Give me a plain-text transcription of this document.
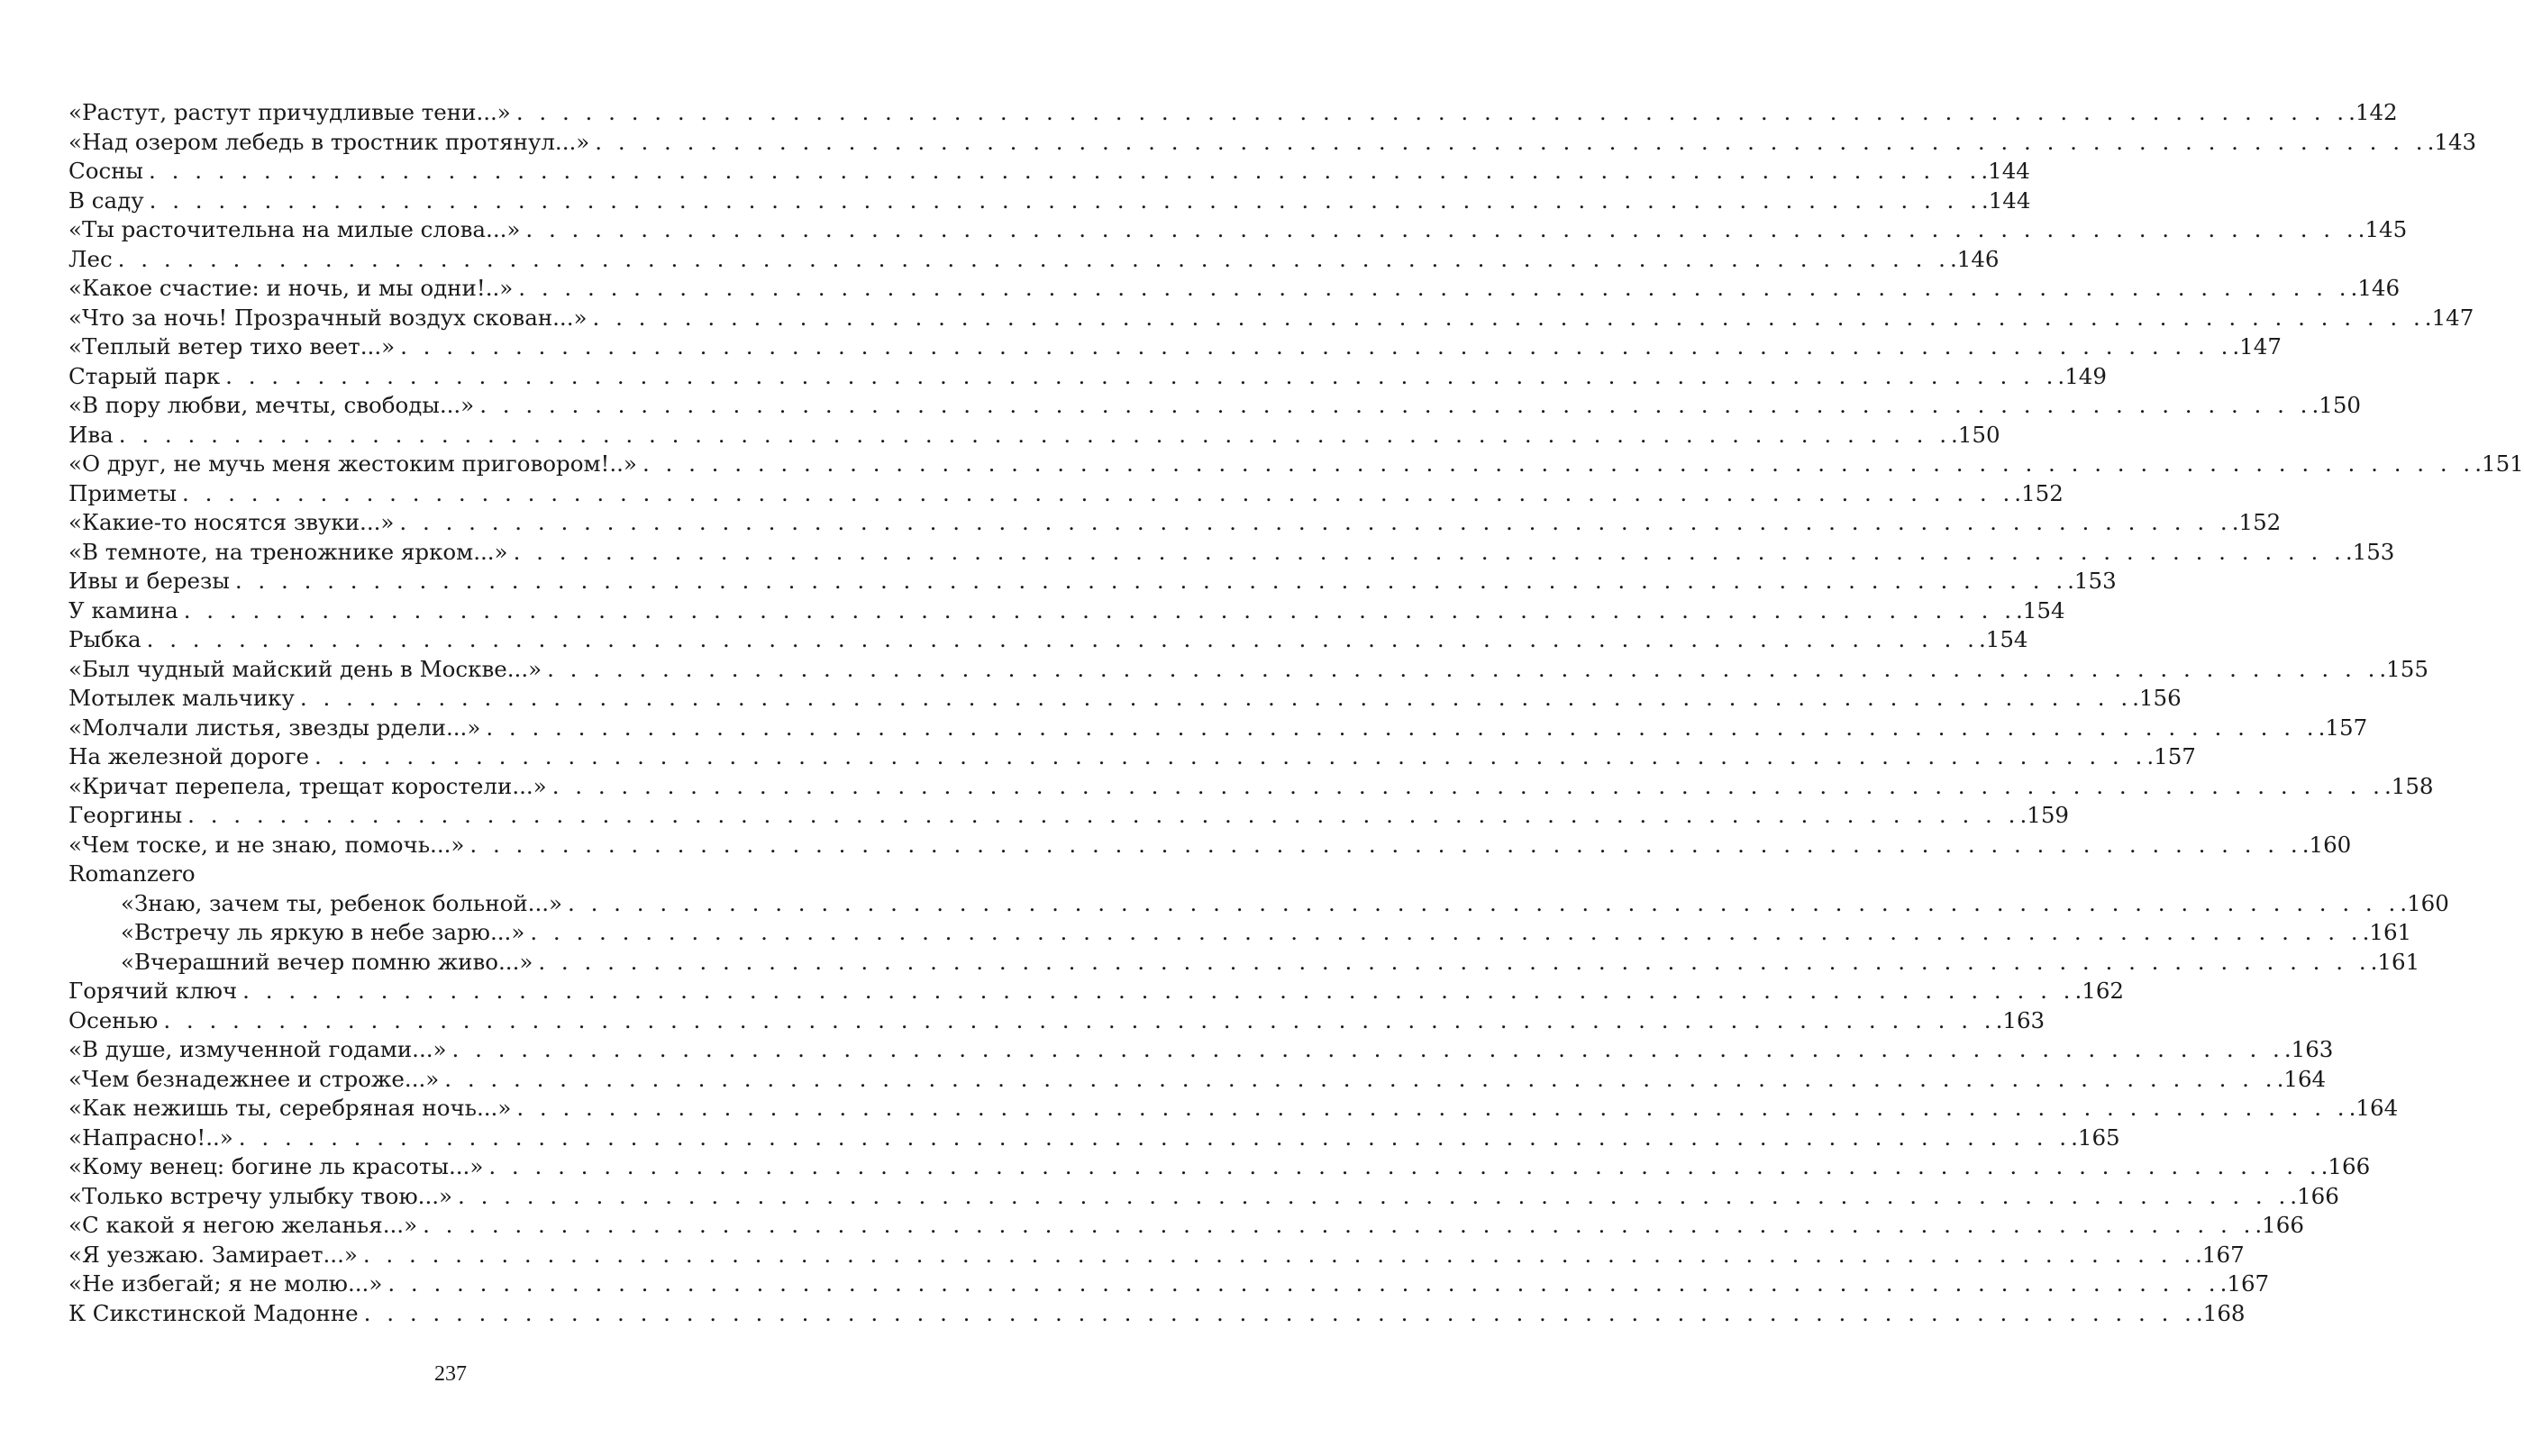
«Растут, растут причудливые тени...» . . . . . . . . . . . . . . . . . . . . . . . . . . . . . . . . . . . . . . . . . . . . . . . . . . . . . . . . . . . . . . . . . . . . . . . . . . . . . . . . .142
«Над озером лебедь в тростник протянул...» . . . . . . . . . . . . . . . . . . . . . . . . . . . . . . . . . . . . . . . . . . . . . . . . . . . . . . . . . . . . . . . . . . . . . . . . . . . . . . . . .143
Сосны . . . . . . . . . . . . . . . . . . . . . . . . . . . . . . . . . . . . . . . . . . . . . . . . . . . . . . . . . . . . . . . . . . . . . . . . . . . . . . . . .144
В саду . . . . . . . . . . . . . . . . . . . . . . . . . . . . . . . . . . . . . . . . . . . . . . . . . . . . . . . . . . . . . . . . . . . . . . . . . . . . . . . . .144
«Ты расточительна на милые слова...» . . . . . . . . . . . . . . . . . . . . . . . . . . . . . . . . . . . . . . . . . . . . . . . . . . . . . . . . . . . . . . . . . . . . . . . . . . . . . . . . .145
Лес . . . . . . . . . . . . . . . . . . . . . . . . . . . . . . . . . . . . . . . . . . . . . . . . . . . . . . . . . . . . . . . . . . . . . . . . . . . . . . . . .146
«Какое счастие: и ночь, и мы одни!..» . . . . . . . . . . . . . . . . . . . . . . . . . . . . . . . . . . . . . . . . . . . . . . . . . . . . . . . . . . . . . . . . . . . . . . . . . . . . . . . . .146
«Что за ночь! Прозрачный воздух скован...» . . . . . . . . . . . . . . . . . . . . . . . . . . . . . . . . . . . . . . . . . . . . . . . . . . . . . . . . . . . . . . . . . . . . . . . . . . . . . . . . .147
«Теплый ветер тихо веет...» . . . . . . . . . . . . . . . . . . . . . . . . . . . . . . . . . . . . . . . . . . . . . . . . . . . . . . . . . . . . . . . . . . . . . . . . . . . . . . . . .147
Старый парк . . . . . . . . . . . . . . . . . . . . . . . . . . . . . . . . . . . . . . . . . . . . . . . . . . . . . . . . . . . . . . . . . . . . . . . . . . . . . . . . .149
«В пору любви, мечты, свободы...» . . . . . . . . . . . . . . . . . . . . . . . . . . . . . . . . . . . . . . . . . . . . . . . . . . . . . . . . . . . . . . . . . . . . . . . . . . . . . . . . .150
Ива . . . . . . . . . . . . . . . . . . . . . . . . . . . . . . . . . . . . . . . . . . . . . . . . . . . . . . . . . . . . . . . . . . . . . . . . . . . . . . . . .150
«О друг, не мучь меня жестоким приговором!..» . . . . . . . . . . . . . . . . . . . . . . . . . . . . . . . . . . . . . . . . . . . . . . . . . . . . . . . . . . . . . . . . . . . . . . . . . . . . . . . . .151
Приметы . . . . . . . . . . . . . . . . . . . . . . . . . . . . . . . . . . . . . . . . . . . . . . . . . . . . . . . . . . . . . . . . . . . . . . . . . . . . . . . . .152
«Какие-то носятся звуки...» . . . . . . . . . . . . . . . . . . . . . . . . . . . . . . . . . . . . . . . . . . . . . . . . . . . . . . . . . . . . . . . . . . . . . . . . . . . . . . . . .152
«В темноте, на треножнике ярком...» . . . . . . . . . . . . . . . . . . . . . . . . . . . . . . . . . . . . . . . . . . . . . . . . . . . . . . . . . . . . . . . . . . . . . . . . . . . . . . . . .153
Ивы и березы . . . . . . . . . . . . . . . . . . . . . . . . . . . . . . . . . . . . . . . . . . . . . . . . . . . . . . . . . . . . . . . . . . . . . . . . . . . . . . . . .153
У камина . . . . . . . . . . . . . . . . . . . . . . . . . . . . . . . . . . . . . . . . . . . . . . . . . . . . . . . . . . . . . . . . . . . . . . . . . . . . . . . . .154
Рыбка . . . . . . . . . . . . . . . . . . . . . . . . . . . . . . . . . . . . . . . . . . . . . . . . . . . . . . . . . . . . . . . . . . . . . . . . . . . . . . . . .154
«Был чудный майский день в Москве...» . . . . . . . . . . . . . . . . . . . . . . . . . . . . . . . . . . . . . . . . . . . . . . . . . . . . . . . . . . . . . . . . . . . . . . . . . . . . . . . . .155
Мотылек мальчику . . . . . . . . . . . . . . . . . . . . . . . . . . . . . . . . . . . . . . . . . . . . . . . . . . . . . . . . . . . . . . . . . . . . . . . . . . . . . . . . .156
«Молчали листья, звезды рдели...» . . . . . . . . . . . . . . . . . . . . . . . . . . . . . . . . . . . . . . . . . . . . . . . . . . . . . . . . . . . . . . . . . . . . . . . . . . . . . . . . .157
На железной дороге . . . . . . . . . . . . . . . . . . . . . . . . . . . . . . . . . . . . . . . . . . . . . . . . . . . . . . . . . . . . . . . . . . . . . . . . . . . . . . . . .157
«Кричат перепела, трещат коростели...» . . . . . . . . . . . . . . . . . . . . . . . . . . . . . . . . . . . . . . . . . . . . . . . . . . . . . . . . . . . . . . . . . . . . . . . . . . . . . . . . .158
Георгины . . . . . . . . . . . . . . . . . . . . . . . . . . . . . . . . . . . . . . . . . . . . . . . . . . . . . . . . . . . . . . . . . . . . . . . . . . . . . . . . .159
«Чем тоске, и не знаю, помочь...» . . . . . . . . . . . . . . . . . . . . . . . . . . . . . . . . . . . . . . . . . . . . . . . . . . . . . . . . . . . . . . . . . . . . . . . . . . . . . . . . .160
Romanzero
«Знаю, зачем ты, ребенок больной...» . . . . . . . . . . . . . . . . . . . . . . . . . . . . . . . . . . . . . . . . . . . . . . . . . . . . . . . . . . . . . . . . . . . . . . . . . . . . . . . . .160
«Встречу ль яркую в небе зарю...» . . . . . . . . . . . . . . . . . . . . . . . . . . . . . . . . . . . . . . . . . . . . . . . . . . . . . . . . . . . . . . . . . . . . . . . . . . . . . . . . .161
«Вчерашний вечер помню живо...» . . . . . . . . . . . . . . . . . . . . . . . . . . . . . . . . . . . . . . . . . . . . . . . . . . . . . . . . . . . . . . . . . . . . . . . . . . . . . . . . .161
Горячий ключ . . . . . . . . . . . . . . . . . . . . . . . . . . . . . . . . . . . . . . . . . . . . . . . . . . . . . . . . . . . . . . . . . . . . . . . . . . . . . . . . .162
Осенью . . . . . . . . . . . . . . . . . . . . . . . . . . . . . . . . . . . . . . . . . . . . . . . . . . . . . . . . . . . . . . . . . . . . . . . . . . . . . . . . .163
«В душе, измученной годами...» . . . . . . . . . . . . . . . . . . . . . . . . . . . . . . . . . . . . . . . . . . . . . . . . . . . . . . . . . . . . . . . . . . . . . . . . . . . . . . . . .163
«Чем безнадежнее и строже...» . . . . . . . . . . . . . . . . . . . . . . . . . . . . . . . . . . . . . . . . . . . . . . . . . . . . . . . . . . . . . . . . . . . . . . . . . . . . . . . . .164
«Как нежишь ты, серебряная ночь...» . . . . . . . . . . . . . . . . . . . . . . . . . . . . . . . . . . . . . . . . . . . . . . . . . . . . . . . . . . . . . . . . . . . . . . . . . . . . . . . . .164
«Напрасно!..» . . . . . . . . . . . . . . . . . . . . . . . . . . . . . . . . . . . . . . . . . . . . . . . . . . . . . . . . . . . . . . . . . . . . . . . . . . . . . . . . .165
«Кому венец: богине ль красоты...» . . . . . . . . . . . . . . . . . . . . . . . . . . . . . . . . . . . . . . . . . . . . . . . . . . . . . . . . . . . . . . . . . . . . . . . . . . . . . . . . .166
«Только встречу улыбку твою...» . . . . . . . . . . . . . . . . . . . . . . . . . . . . . . . . . . . . . . . . . . . . . . . . . . . . . . . . . . . . . . . . . . . . . . . . . . . . . . . . .166
«С какой я негою желанья...» . . . . . . . . . . . . . . . . . . . . . . . . . . . . . . . . . . . . . . . . . . . . . . . . . . . . . . . . . . . . . . . . . . . . . . . . . . . . . . . . .166
«Я уезжаю. Замирает...» . . . . . . . . . . . . . . . . . . . . . . . . . . . . . . . . . . . . . . . . . . . . . . . . . . . . . . . . . . . . . . . . . . . . . . . . . . . . . . . . .167
«Не избегай; я не молю...» . . . . . . . . . . . . . . . . . . . . . . . . . . . . . . . . . . . . . . . . . . . . . . . . . . . . . . . . . . . . . . . . . . . . . . . . . . . . . . . . .167
К Сикстинской Мадонне . . . . . . . . . . . . . . . . . . . . . . . . . . . . . . . . . . . . . . . . . . . . . . . . . . . . . . . . . . . . . . . . . . . . . . . . . . . . . . . . .168
237
